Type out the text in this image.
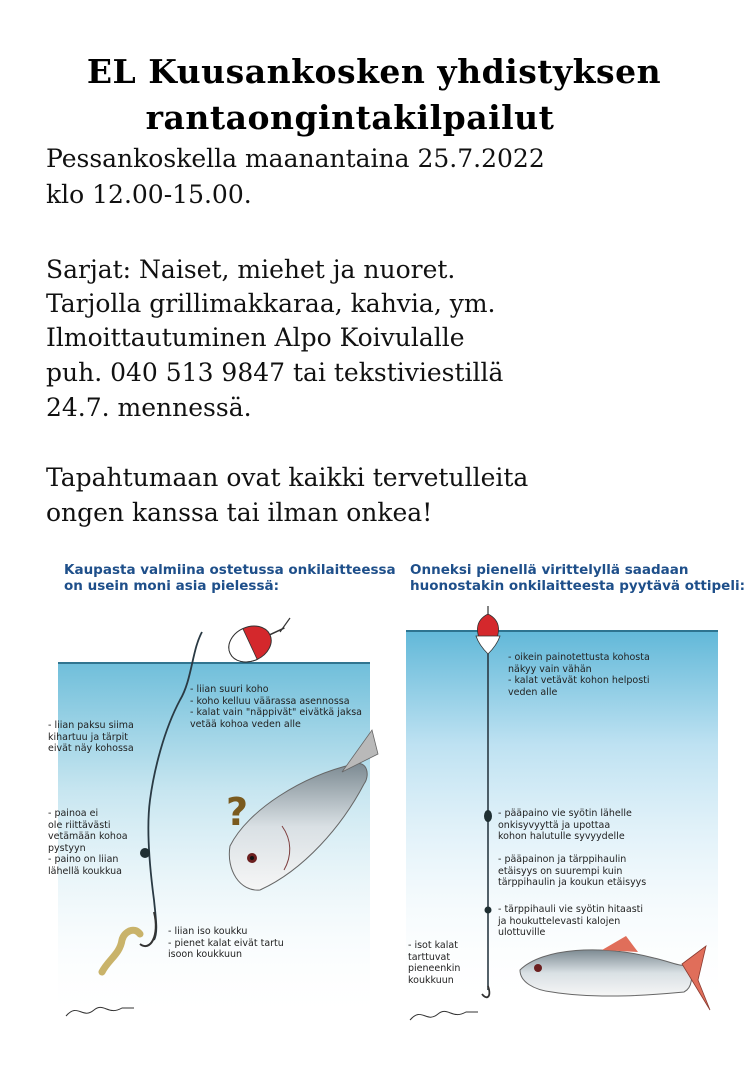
EL Kuusankosken yhdistyksen
rantaongintakilpailut
Pessankoskella maanantaina 25.7.2022
klo 12.00-15.00.
Sarjat: Naiset, miehet ja nuoret.
Tarjolla grillimakkaraa, kahvia, ym.
Ilmoittautuminen Alpo Koivulalle
puh. 040 513 9847 tai tekstiviestillä
24.7. mennessä.
Tapahtumaan ovat kaikki tervetulleita
ongen kanssa tai ilman onkea!
Kaupasta valmiina ostetussa onkilaitteessa
on usein moni asia pielessä:
Onneksi pienellä virittelyllä saadaan
huonostakin onkilaitteesta pyytävä ottipeli:
- liian suuri koho
- koho kelluu väärassa asennossa
- kalat vain "näppivät" eivätkä jaksa
vetää kohoa veden alle
- liian paksu siima
kihartuu ja tärpit
eivät näy kohossa
- painoa ei
ole riittävästi
vetämään kohoa
pystyyn
- paino on liian
lähellä koukkua
- liian iso koukku
- pienet kalat eivät tartu
isoon koukkuun
?
- oikein painotettusta kohosta
näkyy vain vähän
- kalat vetävät kohon helposti
veden alle
- pääpaino vie syötin lähelle
onkisyvyyttä ja upottaa
kohon halutulle syvyydelle
- pääpainon ja tärppihaulin
etäisyys on suurempi kuin
tärppihaulin ja koukun etäisyys
- tärppihauli vie syötin hitaasti
ja houkuttelevasti kalojen
ulottuville
- isot kalat
tarttuvat
pieneenkin
koukkuun
